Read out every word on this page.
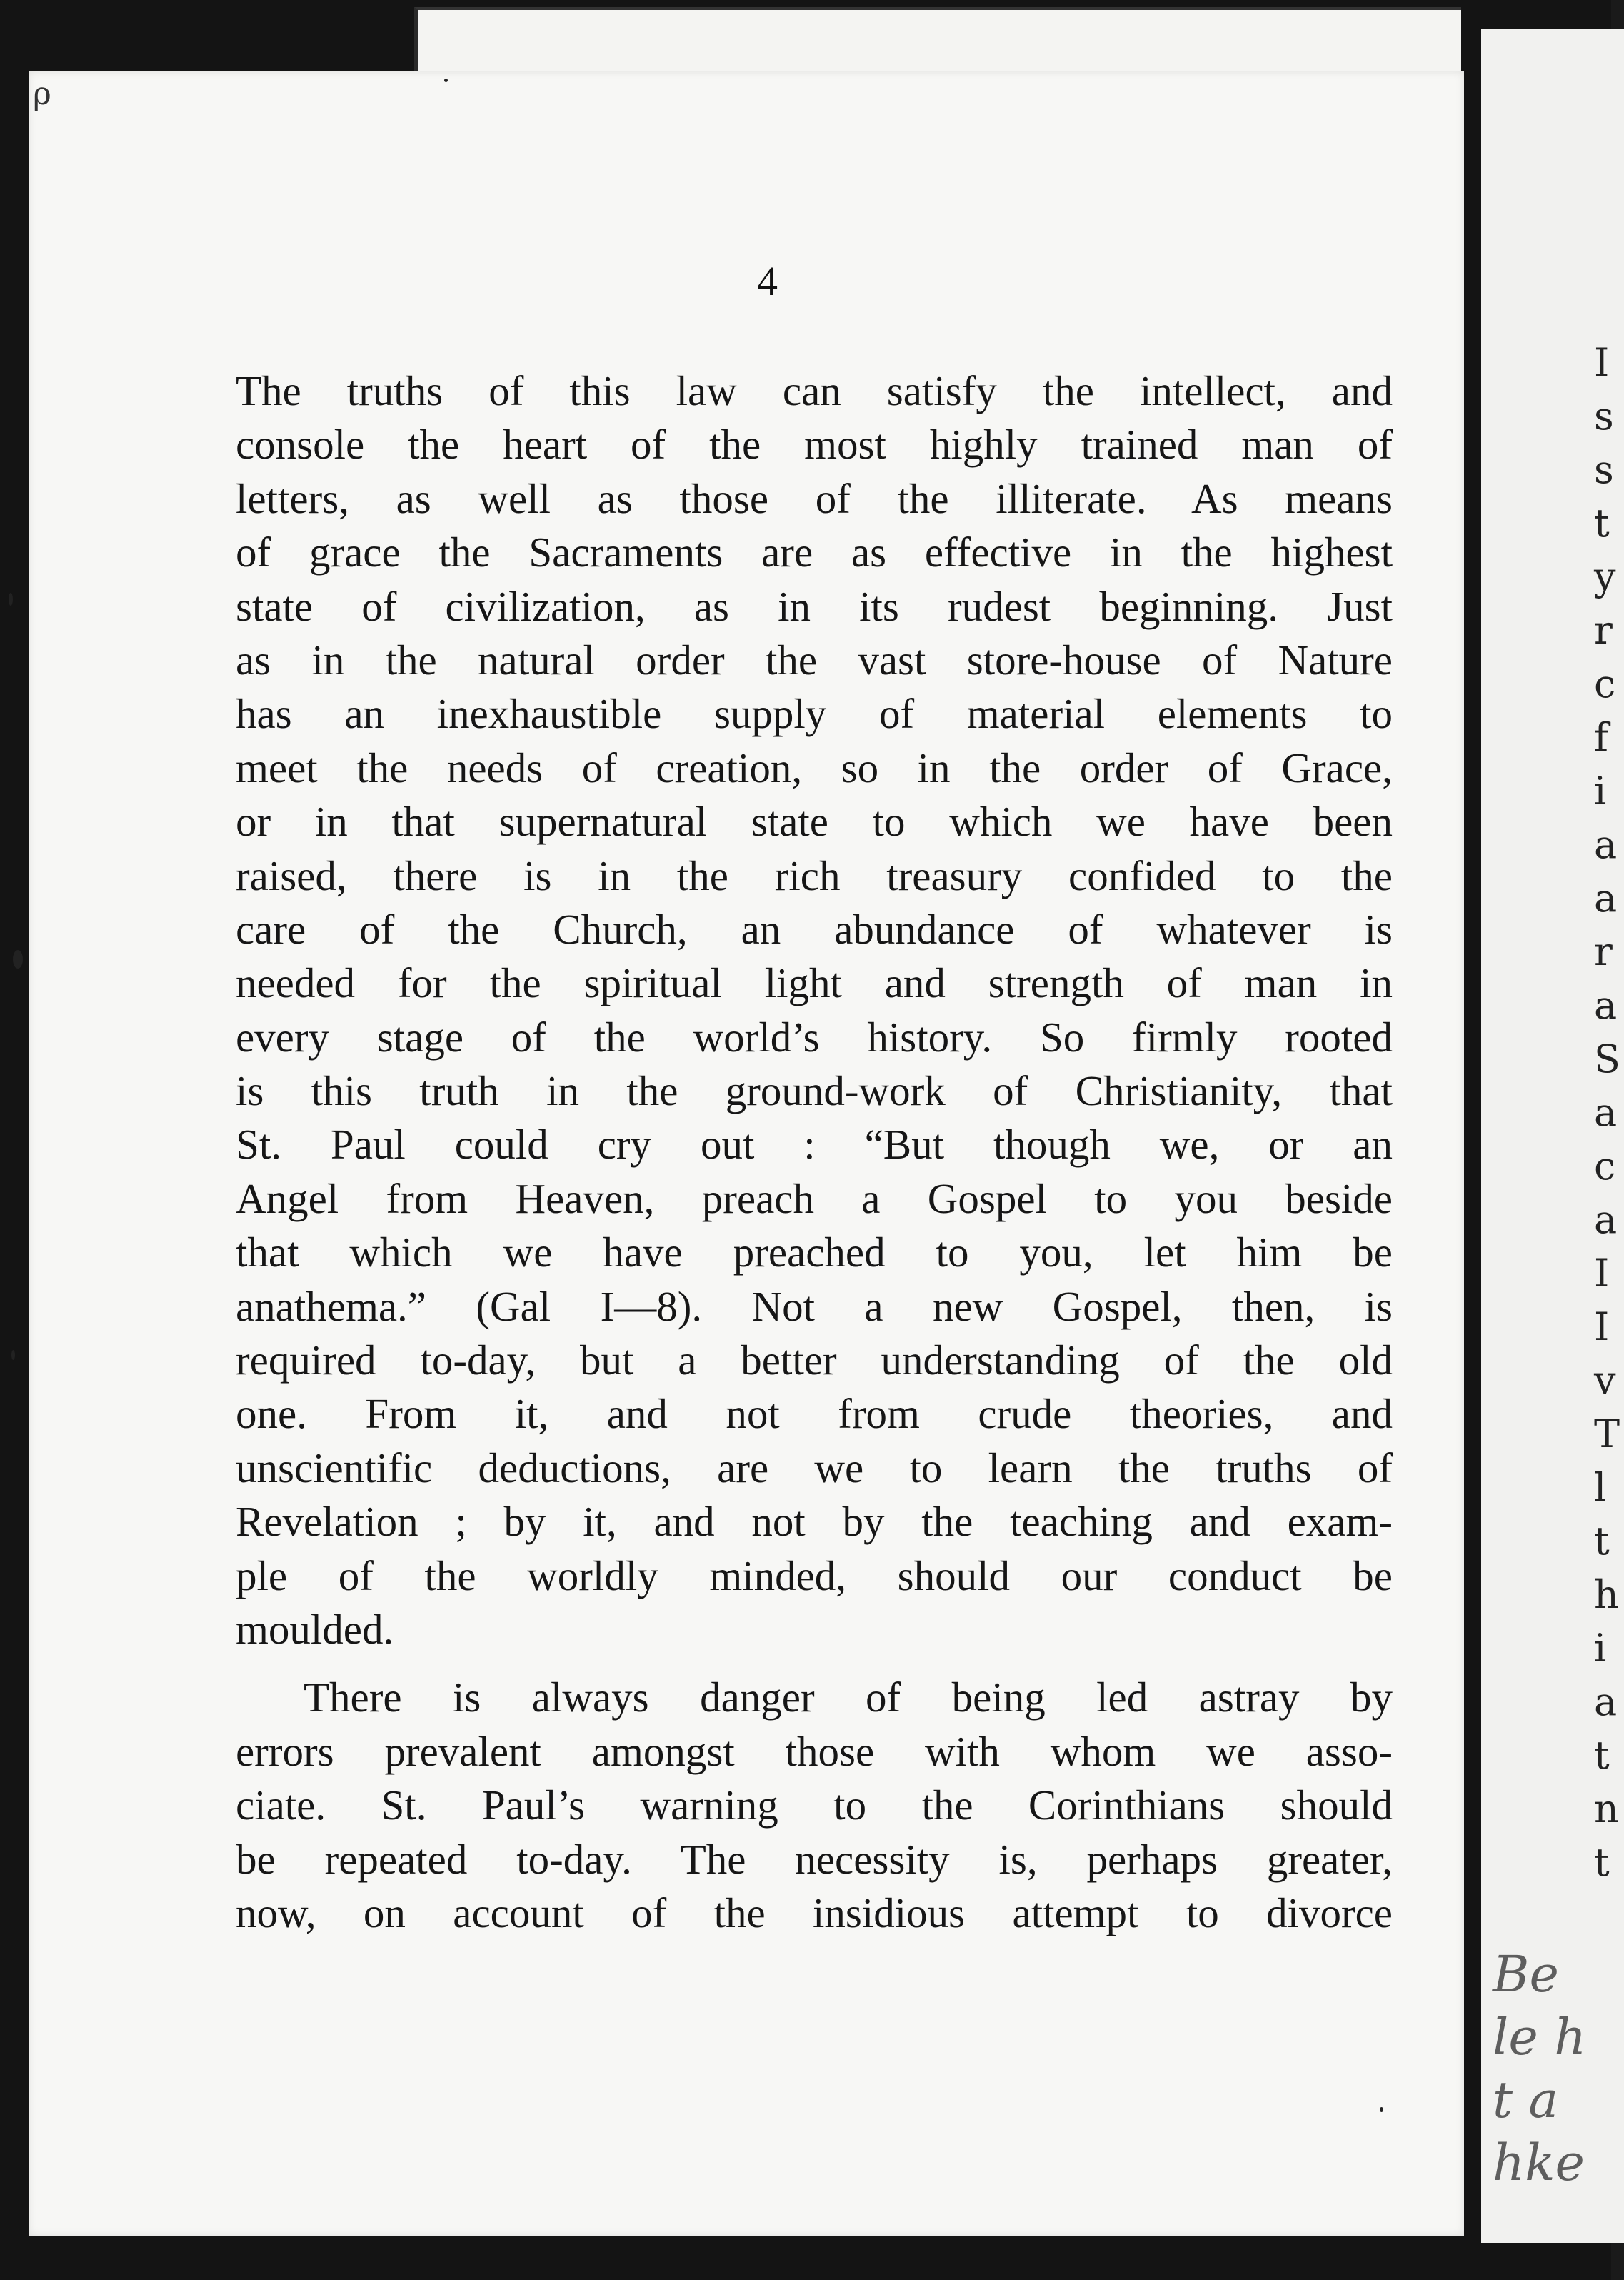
I
s
s
t
y
r
c
f
i
a
a
r
a
S
a
c
a
I
I
v
T
l
t
h
i
a
t
n
t
Be
le h
t a
hke
ρ
4
The truths of this law can satisfy the intellect, and
console the heart of the most highly trained man of
letters, as well as those of the illiterate. As means
of grace the Sacraments are as effective in the highest
state of civilization, as in its rudest beginning. Just
as in the natural order the vast store-house of Nature
has an inexhaustible supply of material elements to
meet the needs of creation, so in the order of Grace,
or in that supernatural state to which we have been
raised, there is in the rich treasury confided to the
care of the Church, an abundance of whatever is
needed for the spiritual light and strength of man in
every stage of the world’s history. So firmly rooted
is this truth in the ground-work of Christianity, that
St. Paul could cry out : “But though we, or an
Angel from Heaven, preach a Gospel to you beside
that which we have preached to you, let him be
anathema.” (Gal I—8). Not a new Gospel, then, is
required to-day, but a better understanding of the old
one. From it, and not from crude theories, and
unscientific deductions, are we to learn the truths of
Revelation ; by it, and not by the teaching and exam-
ple of the worldly minded, should our conduct be
moulded.
There is always danger of being led astray by
errors prevalent amongst those with whom we asso-
ciate. St. Paul’s warning to the Corinthians should
be repeated to-day. The necessity is, perhaps greater,
now, on account of the insidious attempt to divorce
